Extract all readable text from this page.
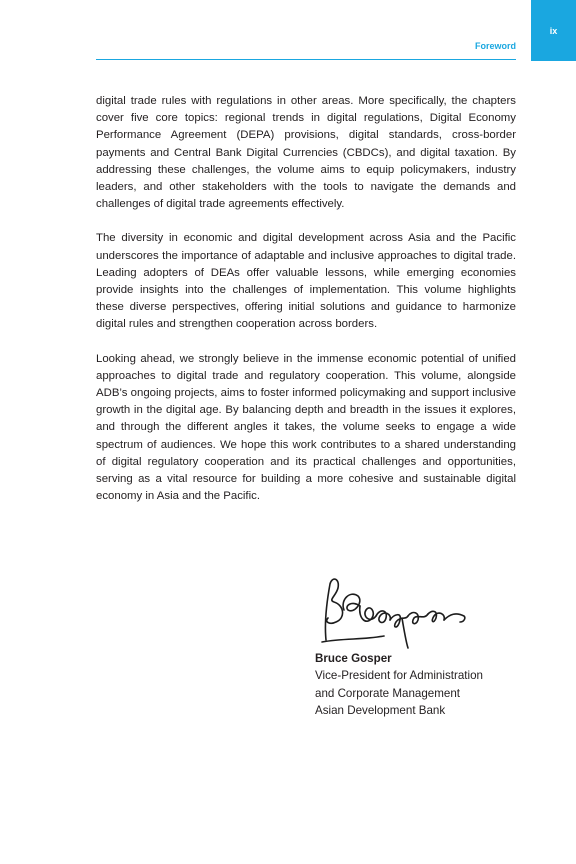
Foreword
ix

digital trade rules with regulations in other areas. More specifically, the chapters cover five core topics: regional trends in digital regulations, Digital Economy Performance Agreement (DEPA) provisions, digital standards, cross-border payments and Central Bank Digital Currencies (CBDCs), and digital taxation. By addressing these challenges, the volume aims to equip policymakers, industry leaders, and other stakeholders with the tools to navigate the demands and challenges of digital trade agreements effectively.

The diversity in economic and digital development across Asia and the Pacific underscores the importance of adaptable and inclusive approaches to digital trade. Leading adopters of DEAs offer valuable lessons, while emerging economies provide insights into the challenges of implementation. This volume highlights these diverse perspectives, offering initial solutions and guidance to harmonize digital rules and strengthen cooperation across borders.

Looking ahead, we strongly believe in the immense economic potential of unified approaches to digital trade and regulatory cooperation. This volume, alongside ADB’s ongoing projects, aims to foster informed policymaking and support inclusive growth in the digital age. By balancing depth and breadth in the issues it explores, and through the different angles it takes, the volume seeks to engage a wide spectrum of audiences. We hope this work contributes to a shared understanding of digital regulatory cooperation and its practical challenges and opportunities, serving as a vital resource for building a more cohesive and sustainable digital economy in Asia and the Pacific.

Bruce Gosper
Vice-President for Administration
and Corporate Management
Asian Development Bank
